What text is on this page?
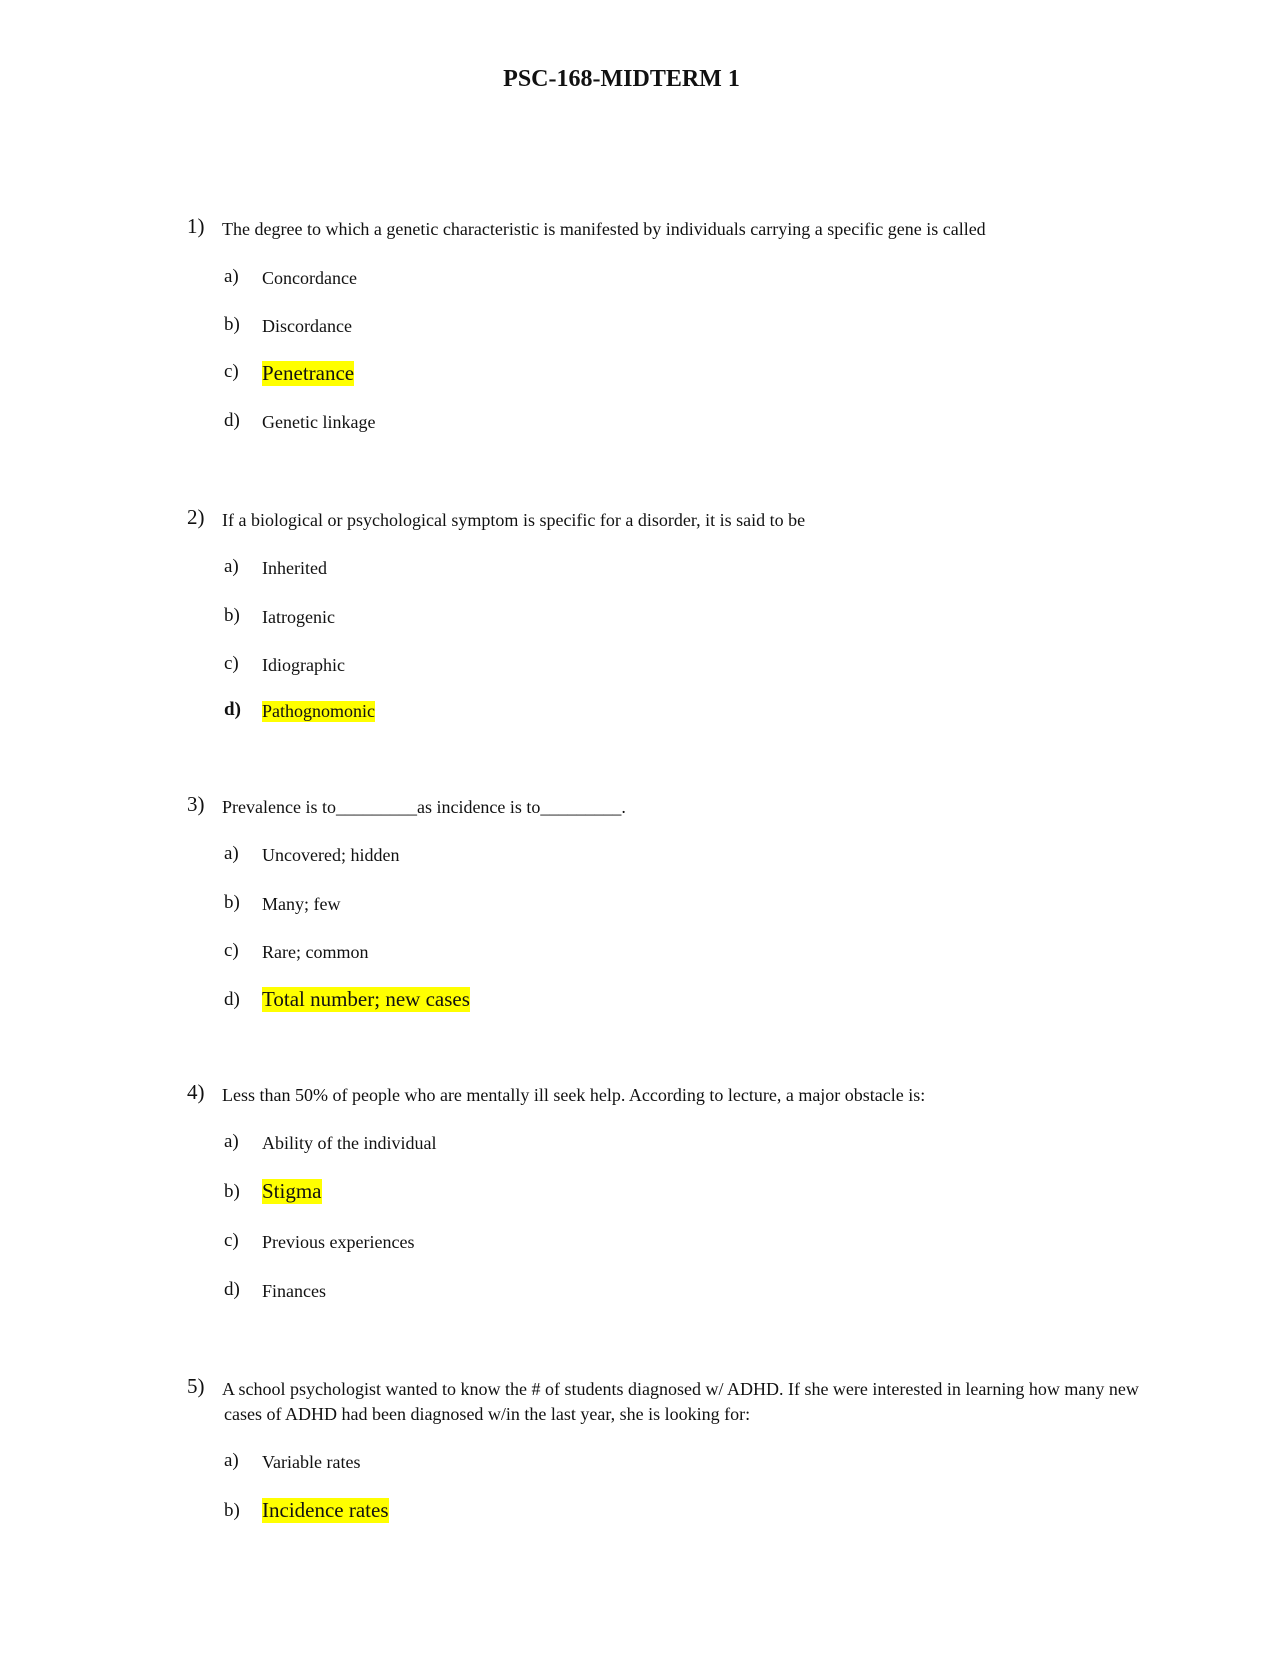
PSC-168-MIDTERM 1
1) The degree to which a genetic characteristic is manifested by individuals carrying a specific gene is called
a) Concordance
b) Discordance
c) Penetrance
d) Genetic linkage
2) If a biological or psychological symptom is specific for a disorder, it is said to be
a) Inherited
b) Iatrogenic
c) Idiographic
d) Pathognomonic
3) Prevalence is to_________as incidence is to_________.
a) Uncovered; hidden
b) Many; few
c) Rare; common
d) Total number; new cases
4) Less than 50% of people who are mentally ill seek help. According to lecture, a major obstacle is:
a) Ability of the individual
b) Stigma
c) Previous experiences
d) Finances
5) A school psychologist wanted to know the # of students diagnosed w/ ADHD. If she were interested in learning how many new
cases of ADHD had been diagnosed w/in the last year, she is looking for:
a) Variable rates
b) Incidence rates
